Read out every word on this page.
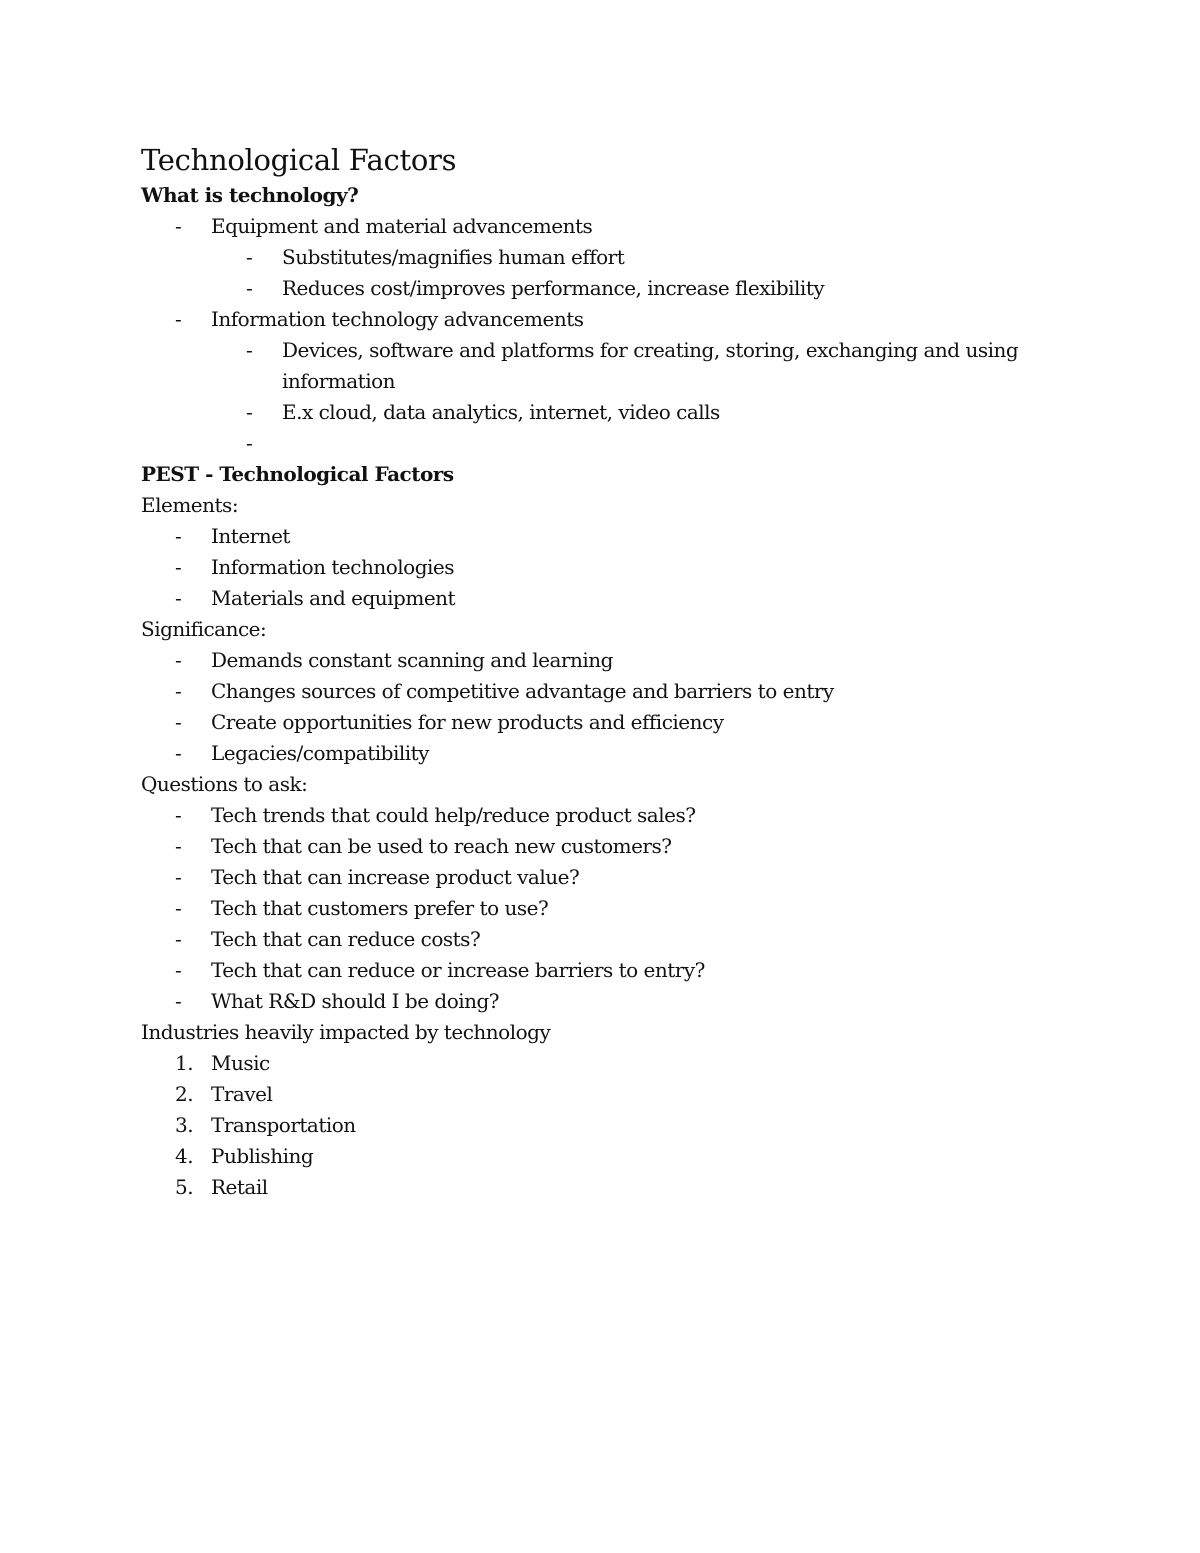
Technological Factors
What is technology?
- Equipment and material advancements
- Substitutes/magnifies human effort
- Reduces cost/improves performance, increase flexibility
- Information technology advancements
- Devices, software and platforms for creating, storing, exchanging and using information
- E.x cloud, data analytics, internet, video calls
-
PEST - Technological Factors
Elements:
- Internet
- Information technologies
- Materials and equipment
Significance:
- Demands constant scanning and learning
- Changes sources of competitive advantage and barriers to entry
- Create opportunities for new products and efficiency
- Legacies/compatibility
Questions to ask:
- Tech trends that could help/reduce product sales?
- Tech that can be used to reach new customers?
- Tech that can increase product value?
- Tech that customers prefer to use?
- Tech that can reduce costs?
- Tech that can reduce or increase barriers to entry?
- What R&D should I be doing?
Industries heavily impacted by technology
1. Music
2. Travel
3. Transportation
4. Publishing
5. Retail
